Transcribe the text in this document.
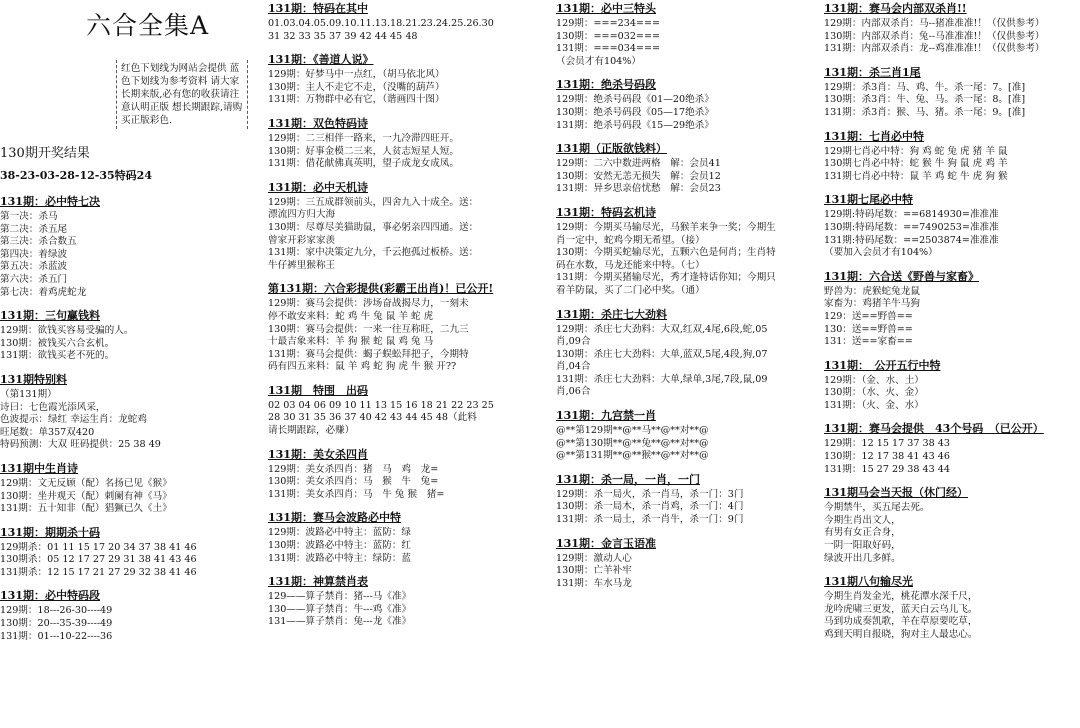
六合全集A
红色下划线为网站会提供 蓝色下划线为参考资料 请大家长期来版,必有您的收获请注意认明正版 想长期跟踪,请购买正版彩色.
130期开奖结果
38-23-03-28-12-35特码24
131期：必中特七决
第一决：杀马
第二决：杀五尾
第三决：杀合数五
第四决：着绿波
第五决：杀蓝波
第六决：杀五门
第七决：着鸡虎蛇龙
131期：三句赢钱料
129期：欲钱买容易受骗的人。
130期：被钱买六合玄机。
131期：欲钱买老不死的。
131期特别料
（第131期）
诗曰：七色霞光添风采，
色波提示：绿红 幸运生肖：龙蛇鸡
旺尾数：单357双420
特码预测：大双 旺码提供：25 38 49
131期中生肖诗
129期：文无反顾（配）名扬已见《猴》
130期：坐井观天（配）刺阑有神《马》
131期：五十知非（配）猖獗已久《土》
131期：期期杀十码
129期杀：01 11 15 17 20 34 37 38 41 46
130期杀：05 12 17 27 29 31 38 41 43 46
131期杀：12 15 17 21 27 29 32 38 41 46
131期：必中特码段
129期：18---26-30----49
130期：20---35-39----49
131期：01---10-22----36
131期：特码在其中
01.03.04.05.09.10.11.13.18.21.23.24.25.26.30
31 32 33 35 37 39 42 44 45 48
131期：《善道人说》
129期：好梦马中一点红，（胡马依北风）
130期：主人不走它不走，（没嘴的葫芦）
131期：万物群中必有它，（谐画四十图）
131期：双色特码诗
129期：二三相伴一路来，一九冷滞四旺开。
130期：好事金模二三来，人贫志短星人短。
131期：借花献佛真英明，望子成龙女成凤。
131期：必中天机诗
129期：三五成群领前头，四舍九入十成全。送：
漂流四方归大海
130期：尽尊尽美猫助鼠，事必躬亲四四通。送：
曾家开彩家家羡
131期：家中决策定九分，千云抱孤过板桥。送：
牛仔裤里猴称王
第131期：六合彩提供(彩霸王出肖)！已公开!
129期：赛马会提供：涉场奋战揭尽力，一刻未
停不敢安来料：蛇 鸡 牛 兔 鼠 羊 蛇 虎
130期：赛马会提供：一来一往互称旺，二九三
十最吉象来料：羊 狗 猴 蛇 鼠 鸡 兔 马
131期：赛马会提供：蝎子蜈蚣拜把子，今期特
码有四五来料：鼠 羊 鸡 蛇 狗 虎 牛 猴 开??
131期　特围　出码
02 03 04 06 09 10 11 13 15 16 18 21 22 23 25
28 30 31 35 36 37 40 42 43 44 45 48（此料
请长期跟踪，必赚）
131期：美女杀四肖
129期：美女杀四肖：猪　马　鸡　龙=
130期：美女杀四肖：马　猴　牛　兔=
131期：美女杀四肖：马　牛 兔 猴　猪=
131期：赛马会波路必中特
129期：波路必中特主：蓝防：绿
130期：波路必中特主：蓝防：红
131期：波路必中特主：绿防：蓝
131期：神算禁肖表
129——算子禁肖：猪---马《准》
130——算子禁肖：牛---鸡《准》
131——算子禁肖：兔---龙《准》
131期：必中三特头
129期：===234===
130期：===032===
131期：===034===
（会员才有104%）
131期：绝杀号码段
129期：绝杀号码段《01—20绝杀》
130期：绝杀号码段《05—17绝杀》
131期：绝杀号码段《15—29绝杀》
131期（正版欲钱料）
129期：二六中数进两格　解：会员41
130期：安然无恙无损失　解：会员12
131期：异乡思亲倍忧愁　解：会员23
131期：特码玄机诗
129期：今期买马输尽光，马猴羊来争一奖；今期生
肖一定中，蛇鸡今期无希望。（接）
130期：今期买蛇输尽光，五颗六色是何肖；生肖特
码在水数，马龙还能来中特。（七）
131期：今期买猪输尽光，秀才逢特话你知；今期只
看羊防鼠，买了二门必中奖。（通）
131期：杀庄七大劲料
129期：杀庄七大劲料：大双,红双,4尾,6段,蛇,05
肖,09合
130期：杀庄七大劲料：大单,蓝双,5尾,4段,狗,07
肖,04合
131期：杀庄七大劲料：大单,绿单,3尾,7段,鼠,09
肖,06合
131期：九宫禁一肖
@**第129期**@**马**@**对**@
@**第130期**@**兔**@**对**@
@**第131期**@**猴**@**对**@
131期：杀一局，一肖，一门
129期：杀一局火，杀一肖马，杀一门：3门
130期：杀一局木，杀一肖鸡，杀一门：4门
131期：杀一局土，杀一肖牛，杀一门：9门
131期：金言玉语准
129期：激动人心
130期：亡羊补牢
131期：车水马龙
131期：赛马会内部双杀肖!!
129期：内部双杀肖：马--猪准准准!！（仅供参考）
130期：内部双杀肖：兔--马准准准!！（仅供参考）
131期：内部双杀肖：龙--鸡准准准!！（仅供参考）
131期：杀三肖1尾
129期：杀3肖：马、鸡、牛。杀一尾：7。[准]
130期：杀3肖：牛、兔、马。杀一尾：8。[准]
131期：杀3肖：猴、马、猪。杀一尾：9。[准]
131期：七肖必中特
129期七肖必中特：狗 鸡 蛇 兔 虎 猪 羊 鼠
130期七肖必中特：蛇 猴 牛 狗 鼠 虎 鸡 羊
131期七肖必中特：鼠 羊 鸡 蛇 牛 虎 狗 猴
131期七尾必中特
129期:特码尾数：==6814930=准准准
130期:特码尾数：==7490253=准准准
131期:特码尾数：==2503874=准准准
（要加入会员才有104%）
131期：六合送《野兽与家畜》
野兽为：虎猴蛇兔龙鼠
家畜为：鸡猪羊牛马狗
129：送==野兽==
130：送==野兽==
131：送==家畜==
131期：　公开五行中特
129期：（金、水、土）
130期：（水、火、金）
131期：（火、金、水）
131期：赛马会提供　43个号码　（已公开）
129期：12 15 17 37 38 43
130期：12 17 38 41 43 46
131期：15 27 29 38 43 44
131期马会当天报（休门经）
今期禁牛，买五尾去死。
今期生肖出文人，
有男有女正合身，
一阴一阳取好码，
绿波开出几多鲜。
131期八句输尽光
今期生肖发金光，桃花潭水深千尺，
龙吟虎啸三更发，蓝天白云乌儿飞。
马到功成奏凯歌，羊在草原要吃草，
鸡到天明自报晓，狗对主人最忠心。
